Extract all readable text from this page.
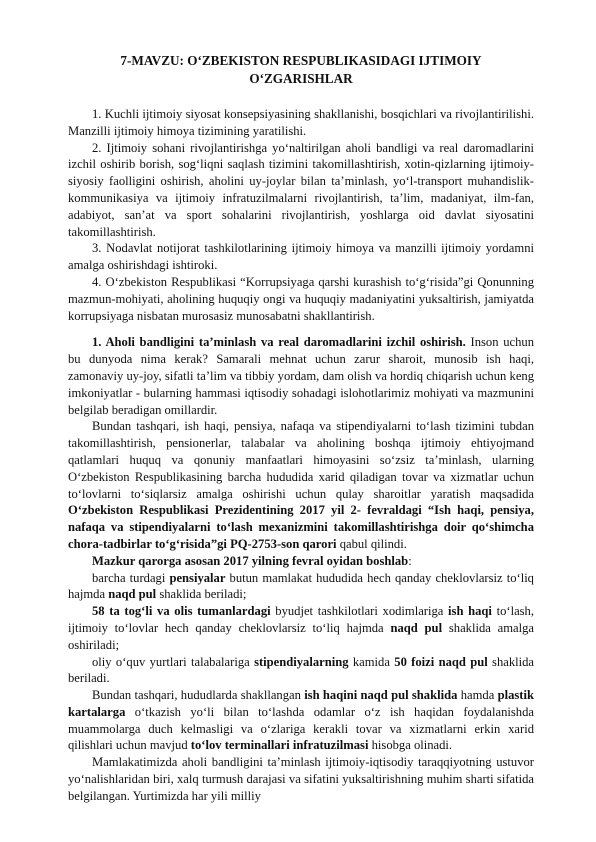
7-MAVZU: O‘ZBEKISTON RESPUBLIKASIDAGI IJTIMOIY O‘ZGARISHLAR

1. Kuchli ijtimoiy siyosat konsepsiyasining shakllanishi, bosqichlari va rivojlantirilishi. Manzilli ijtimoiy himoya tizimining yaratilishi.

2. Ijtimoiy sohani rivojlantirishga yo‘naltirilgan aholi bandligi va real daromadlarini izchil oshirib borish, sog‘liqni saqlash tizimini takomillashtirish, xotin-qizlarning ijtimoiy-siyosiy faolligini oshirish, aholini uy-joylar bilan ta’minlash, yo‘l-transport muhandislik-kommunikasiya va ijtimoiy infratuzilmalarni rivojlantirish, ta’lim, madaniyat, ilm-fan, adabiyot, san’at va sport sohalarini rivojlantirish, yoshlarga oid davlat siyosatini takomillashtirish.

3. Nodavlat notijorat tashkilotlarining ijtimoiy himoya va manzilli ijtimoiy yordamni amalga oshirishdagi ishtiroki.

4. O‘zbekiston Respublikasi “Korrupsiyaga qarshi kurashish to‘g‘risida”gi Qonunning mazmun-mohiyati, aholining huquqiy ongi va huquqiy madaniyatini yuksaltirish, jamiyatda korrupsiyaga nisbatan murosasiz munosabatni shakllantirish.

1. Aholi bandligini ta’minlash va real daromadlarini izchil oshirish. Inson uchun bu dunyoda nima kerak? Samarali mehnat uchun zarur sharoit, munosib ish haqi, zamonaviy uy-joy, sifatli ta’lim va tibbiy yordam, dam olish va hordiq chiqarish uchun keng imkoniyatlar - bularning hammasi iqtisodiy sohadagi islohotlarimiz mohiyati va mazmunini belgilab beradigan omillardir.

Bundan tashqari, ish haqi, pensiya, nafaqa va stipendiyalarni to‘lash tizimini tubdan takomillashtirish, pensionerlar, talabalar va aholining boshqa ijtimoiy ehtiyojmand qatlamlari huquq va qonuniy manfaatlari himoyasini so‘zsiz ta’minlash, ularning O‘zbekiston Respublikasining barcha hududida xarid qiladigan tovar va xizmatlar uchun to‘lovlarni to‘siqlarsiz amalga oshirishi uchun qulay sharoitlar yaratish maqsadida O‘zbekiston Respublikasi Prezidentining 2017 yil 2- fevraldagi “Ish haqi, pensiya, nafaqa va stipendiyalarni to‘lash mexanizmini takomillashtirishga doir qo‘shimcha chora-tadbirlar to‘g‘risida”gi PQ-2753-son qarori qabul qilindi.

Mazkur qarorga asosan 2017 yilning fevral oyidan boshlab:

barcha turdagi pensiyalar butun mamlakat hududida hech qanday cheklovlarsiz to‘liq hajmda naqd pul shaklida beriladi;

58 ta tog‘li va olis tumanlardagi byudjet tashkilotlari xodimlariga ish haqi to‘lash, ijtimoiy to‘lovlar hech qanday cheklovlarsiz to‘liq hajmda naqd pul shaklida amalga oshiriladi;

oliy o‘quv yurtlari talabalariga stipendiyalarning kamida 50 foizi naqd pul shaklida beriladi.

Bundan tashqari, hududlarda shakllangan ish haqini naqd pul shaklida hamda plastik kartalarga o‘tkazish yo‘li bilan to‘lashda odamlar o‘z ish haqidan foydalanishda muammolarga duch kelmasligi va o‘zlariga kerakli tovar va xizmatlarni erkin xarid qilishlari uchun mavjud to‘lov terminallari infratuzilmasi hisobga olinadi.

Mamlakatimizda aholi bandligini ta’minlash ijtimoiy-iqtisodiy taraqqiyotning ustuvor yo‘nalishlaridan biri, xalq turmush darajasi va sifatini yuksaltirishning muhim sharti sifatida belgilangan. Yurtimizda har yili milliy
